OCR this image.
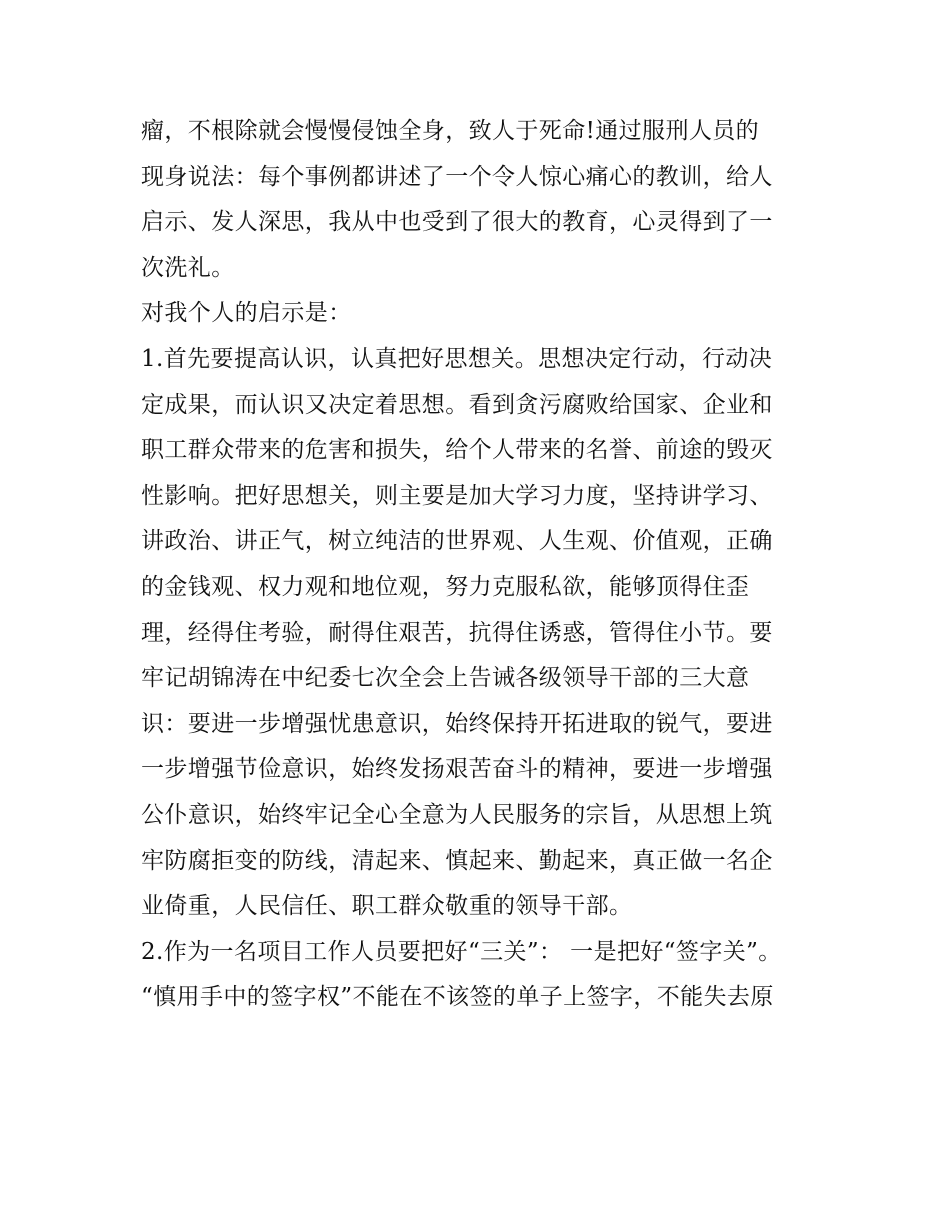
瘤，不根除就会慢慢侵蚀全身，致人于死命!通过服刑人员的
现身说法：每个事例都讲述了一个令人惊心痛心的教训，给人
启示、发人深思，我从中也受到了很大的教育，心灵得到了一
次洗礼。
对我个人的启示是：
1.首先要提高认识，认真把好思想关。思想决定行动，行动决
定成果，而认识又决定着思想。看到贪污腐败给国家、企业和
职工群众带来的危害和损失，给个人带来的名誉、前途的毁灭
性影响。把好思想关，则主要是加大学习力度，坚持讲学习、
讲政治、讲正气，树立纯洁的世界观、人生观、价值观，正确
的金钱观、权力观和地位观，努力克服私欲，能够顶得住歪
理，经得住考验，耐得住艰苦，抗得住诱惑，管得住小节。要
牢记胡锦涛在中纪委七次全会上告诫各级领导干部的三大意
识：要进一步增强忧患意识，始终保持开拓进取的锐气，要进
一步增强节俭意识，始终发扬艰苦奋斗的精神，要进一步增强
公仆意识，始终牢记全心全意为人民服务的宗旨，从思想上筑
牢防腐拒变的防线，清起来、慎起来、勤起来，真正做一名企
业倚重，人民信任、职工群众敬重的领导干部。
2.作为一名项目工作人员要把好“三关”： 一是把好“签字关”。
“慎用手中的签字权”不能在不该签的单子上签字，不能失去原
